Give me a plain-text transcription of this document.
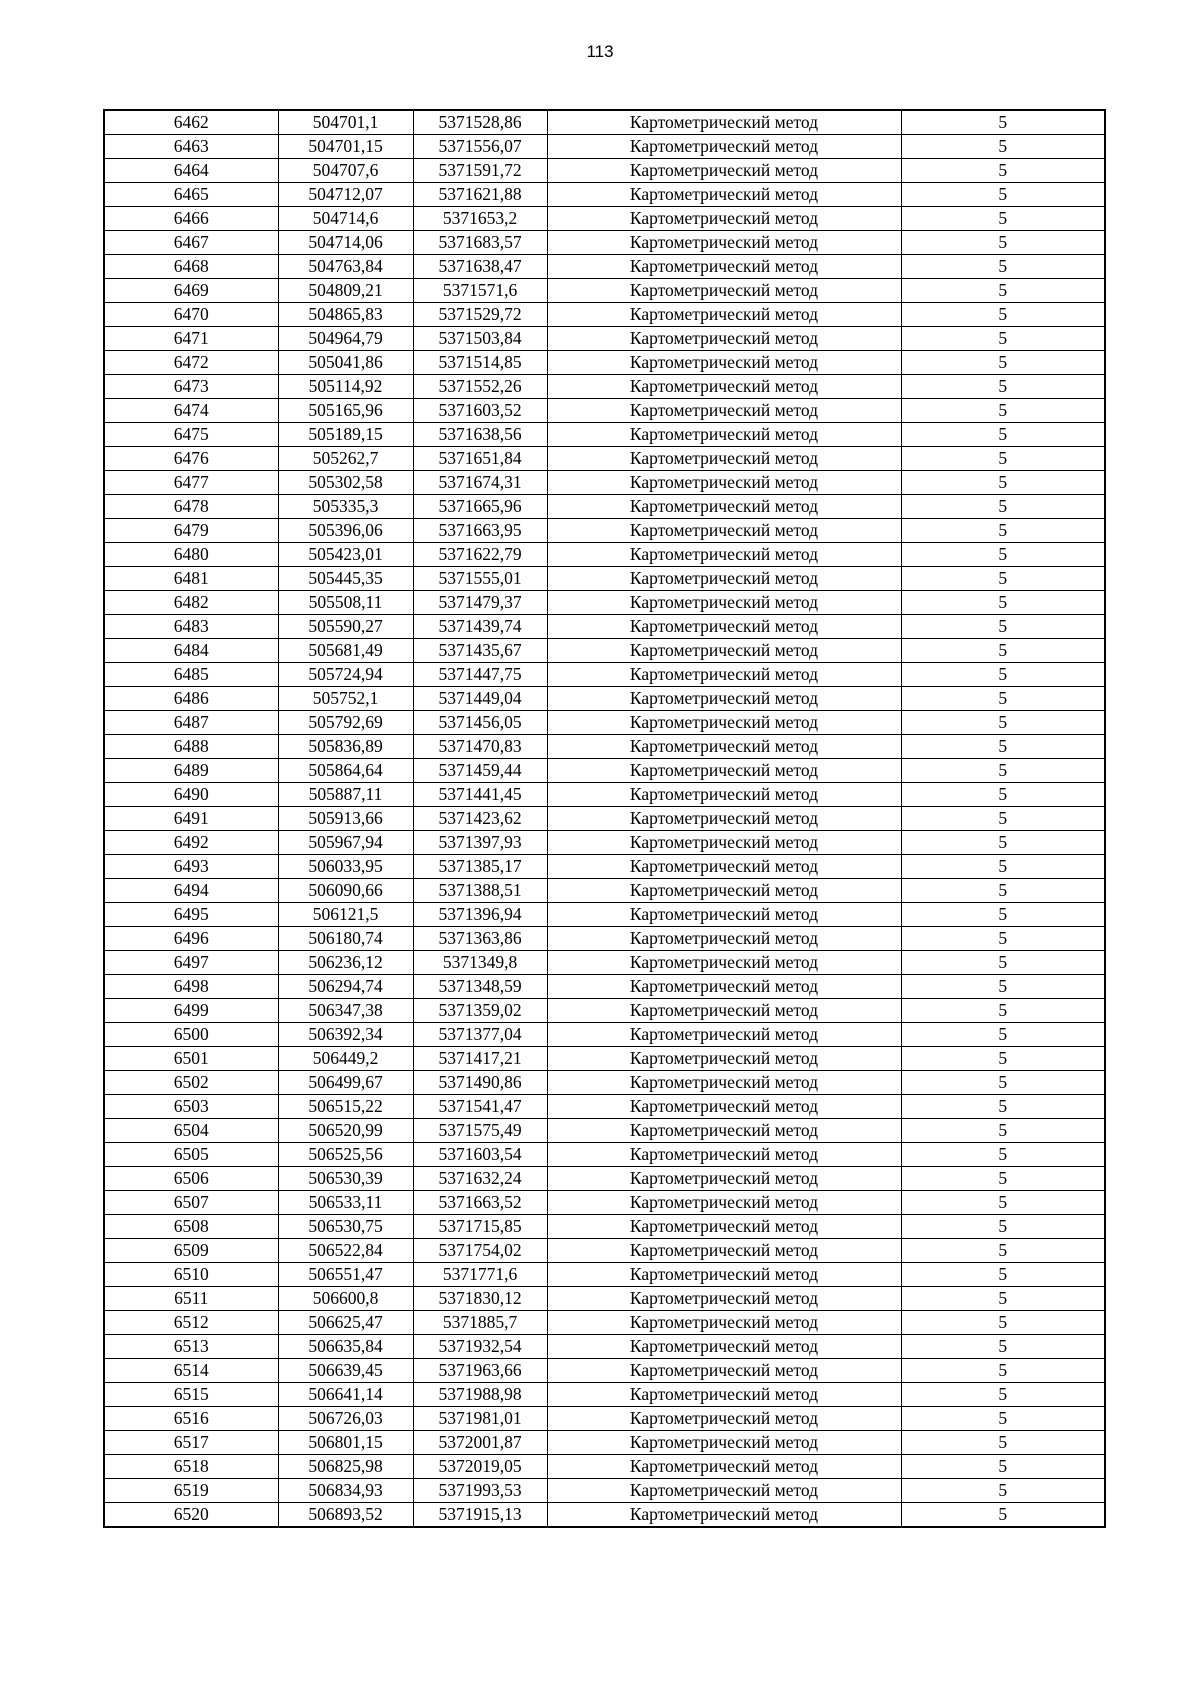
113
6462	504701,1	5371528,86	Картометрический метод	5
6463	504701,15	5371556,07	Картометрический метод	5
6464	504707,6	5371591,72	Картометрический метод	5
6465	504712,07	5371621,88	Картометрический метод	5
6466	504714,6	5371653,2	Картометрический метод	5
6467	504714,06	5371683,57	Картометрический метод	5
6468	504763,84	5371638,47	Картометрический метод	5
6469	504809,21	5371571,6	Картометрический метод	5
6470	504865,83	5371529,72	Картометрический метод	5
6471	504964,79	5371503,84	Картометрический метод	5
6472	505041,86	5371514,85	Картометрический метод	5
6473	505114,92	5371552,26	Картометрический метод	5
6474	505165,96	5371603,52	Картометрический метод	5
6475	505189,15	5371638,56	Картометрический метод	5
6476	505262,7	5371651,84	Картометрический метод	5
6477	505302,58	5371674,31	Картометрический метод	5
6478	505335,3	5371665,96	Картометрический метод	5
6479	505396,06	5371663,95	Картометрический метод	5
6480	505423,01	5371622,79	Картометрический метод	5
6481	505445,35	5371555,01	Картометрический метод	5
6482	505508,11	5371479,37	Картометрический метод	5
6483	505590,27	5371439,74	Картометрический метод	5
6484	505681,49	5371435,67	Картометрический метод	5
6485	505724,94	5371447,75	Картометрический метод	5
6486	505752,1	5371449,04	Картометрический метод	5
6487	505792,69	5371456,05	Картометрический метод	5
6488	505836,89	5371470,83	Картометрический метод	5
6489	505864,64	5371459,44	Картометрический метод	5
6490	505887,11	5371441,45	Картометрический метод	5
6491	505913,66	5371423,62	Картометрический метод	5
6492	505967,94	5371397,93	Картометрический метод	5
6493	506033,95	5371385,17	Картометрический метод	5
6494	506090,66	5371388,51	Картометрический метод	5
6495	506121,5	5371396,94	Картометрический метод	5
6496	506180,74	5371363,86	Картометрический метод	5
6497	506236,12	5371349,8	Картометрический метод	5
6498	506294,74	5371348,59	Картометрический метод	5
6499	506347,38	5371359,02	Картометрический метод	5
6500	506392,34	5371377,04	Картометрический метод	5
6501	506449,2	5371417,21	Картометрический метод	5
6502	506499,67	5371490,86	Картометрический метод	5
6503	506515,22	5371541,47	Картометрический метод	5
6504	506520,99	5371575,49	Картометрический метод	5
6505	506525,56	5371603,54	Картометрический метод	5
6506	506530,39	5371632,24	Картометрический метод	5
6507	506533,11	5371663,52	Картометрический метод	5
6508	506530,75	5371715,85	Картометрический метод	5
6509	506522,84	5371754,02	Картометрический метод	5
6510	506551,47	5371771,6	Картометрический метод	5
6511	506600,8	5371830,12	Картометрический метод	5
6512	506625,47	5371885,7	Картометрический метод	5
6513	506635,84	5371932,54	Картометрический метод	5
6514	506639,45	5371963,66	Картометрический метод	5
6515	506641,14	5371988,98	Картометрический метод	5
6516	506726,03	5371981,01	Картометрический метод	5
6517	506801,15	5372001,87	Картометрический метод	5
6518	506825,98	5372019,05	Картометрический метод	5
6519	506834,93	5371993,53	Картометрический метод	5
6520	506893,52	5371915,13	Картометрический метод	5
